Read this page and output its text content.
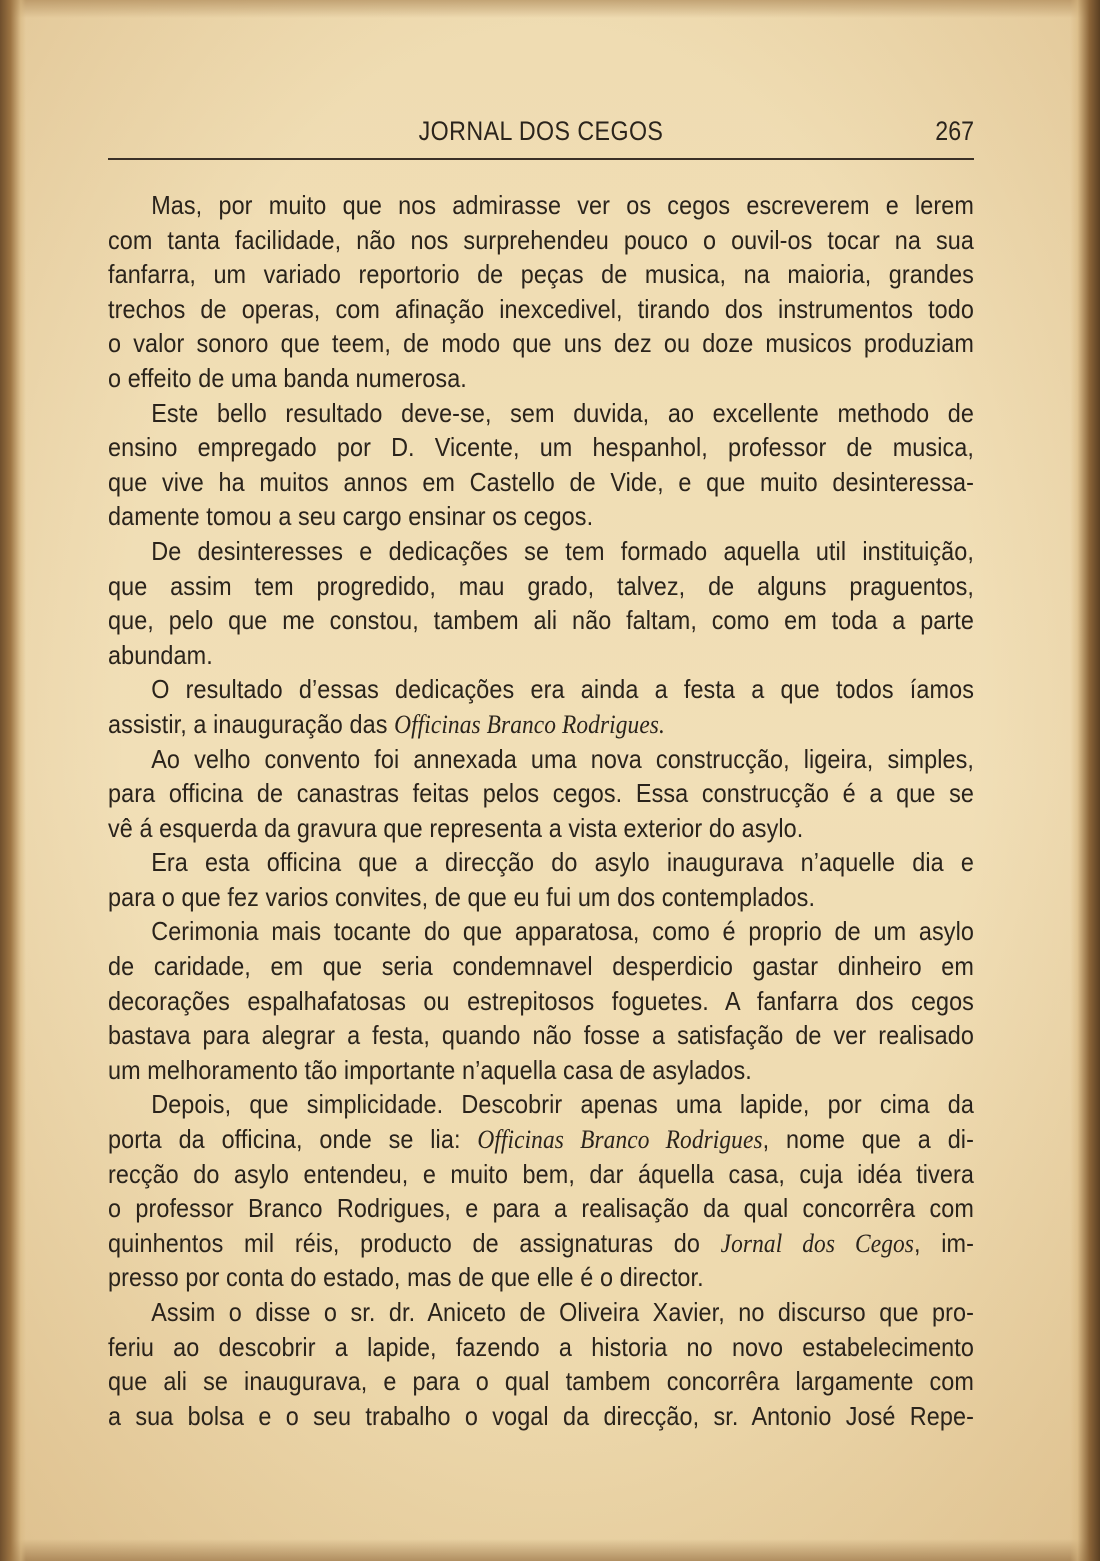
JORNAL DOS CEGOS	267
Mas, por muito que nos admirasse ver os cegos escreverem e lerem
com tanta facilidade, não nos surprehendeu pouco o ouvil-os tocar na sua
fanfarra, um variado reportorio de peças de musica, na maioria, grandes
trechos de operas, com afinação inexcedivel, tirando dos instrumentos todo
o valor sonoro que teem, de modo que uns dez ou doze musicos produziam
o effeito de uma banda numerosa.
Este bello resultado deve-se, sem duvida, ao excellente methodo de
ensino empregado por D. Vicente, um hespanhol, professor de musica,
que vive ha muitos annos em Castello de Vide, e que muito desinteressa-
damente tomou a seu cargo ensinar os cegos.
De desinteresses e dedicações se tem formado aquella util instituição,
que assim tem progredido, mau grado, talvez, de alguns praguentos,
que, pelo que me constou, tambem ali não faltam, como em toda a parte
abundam.
O resultado d’essas dedicações era ainda a festa a que todos íamos
assistir, a inauguração das Officinas Branco Rodrigues.
Ao velho convento foi annexada uma nova construcção, ligeira, simples,
para officina de canastras feitas pelos cegos. Essa construcção é a que se
vê á esquerda da gravura que representa a vista exterior do asylo.
Era esta officina que a direcção do asylo inaugurava n’aquelle dia e
para o que fez varios convites, de que eu fui um dos contemplados.
Cerimonia mais tocante do que apparatosa, como é proprio de um asylo
de caridade, em que seria condemnavel desperdicio gastar dinheiro em
decorações espalhafatosas ou estrepitosos foguetes. A fanfarra dos cegos
bastava para alegrar a festa, quando não fosse a satisfação de ver realisado
um melhoramento tão importante n’aquella casa de asylados.
Depois, que simplicidade. Descobrir apenas uma lapide, por cima da
porta da officina, onde se lia: Officinas Branco Rodrigues, nome que a di-
recção do asylo entendeu, e muito bem, dar áquella casa, cuja idéa tivera
o professor Branco Rodrigues, e para a realisação da qual concorrêra com
quinhentos mil réis, producto de assignaturas do Jornal dos Cegos, im-
presso por conta do estado, mas de que elle é o director.
Assim o disse o sr. dr. Aniceto de Oliveira Xavier, no discurso que pro-
feriu ao descobrir a lapide, fazendo a historia no novo estabelecimento
que ali se inaugurava, e para o qual tambem concorrêra largamente com
a sua bolsa e o seu trabalho o vogal da direcção, sr. Antonio José Repe-
